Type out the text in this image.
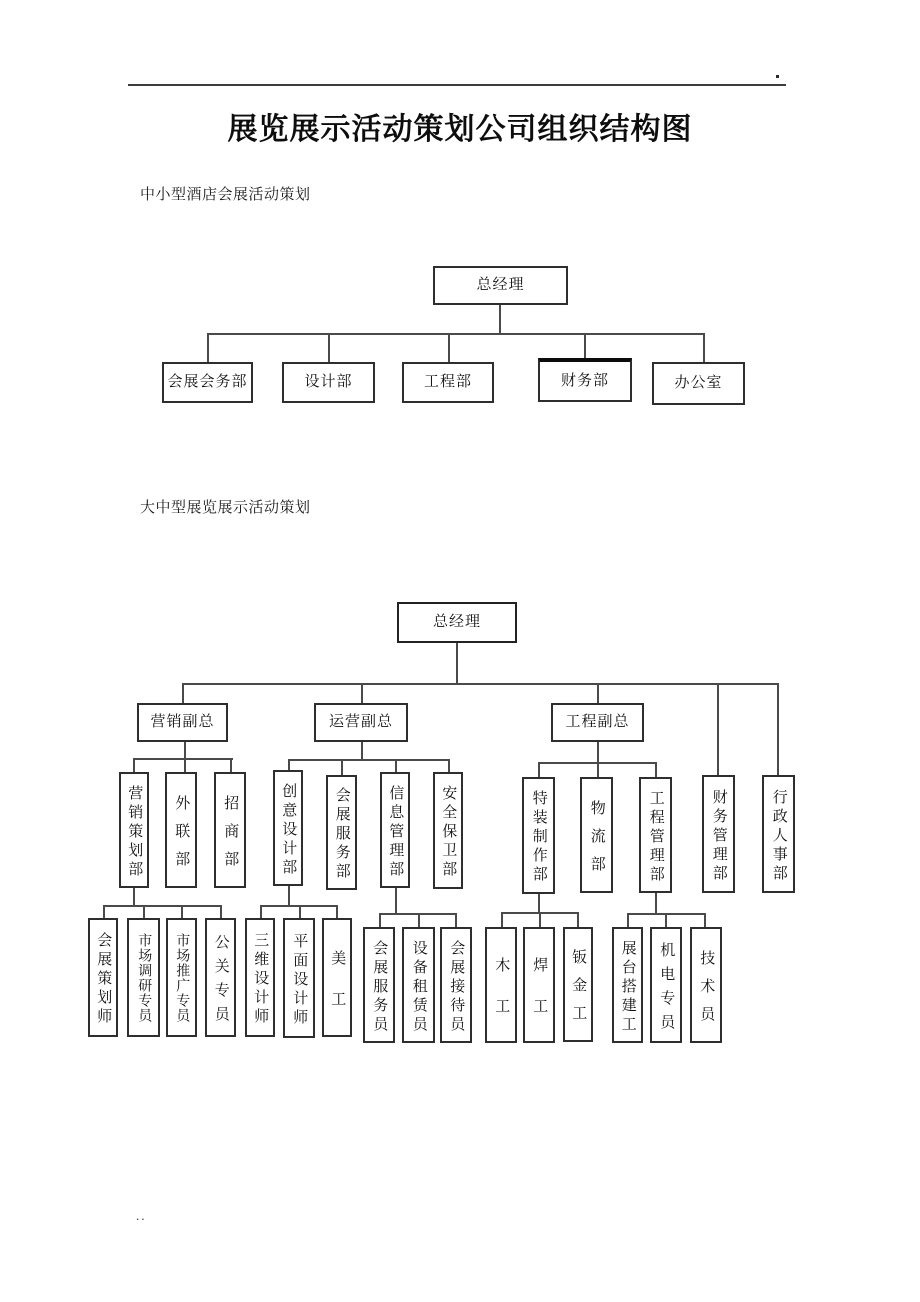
展览展示活动策划公司组织结构图
中小型酒店会展活动策划
大中型展览展示活动策划
总经理
会展会务部	设计部	工程部	财务部	办公室
总经理
营销副总	运营副总	工程副总
营销策划部	外联部	招商部	创意设计部	会展服务部	信息管理部	安全保卫部	特装制作部	物流部	工程管理部	财务管理部	行政人事部
会展策划师	市场调研专员	市场推广专员	公关专员	三维设计师	平面设计师	美工	会展服务员	设备租赁员	会展接待员	木工	焊工	钣金工	展台搭建工	机电专员	技术员
..
